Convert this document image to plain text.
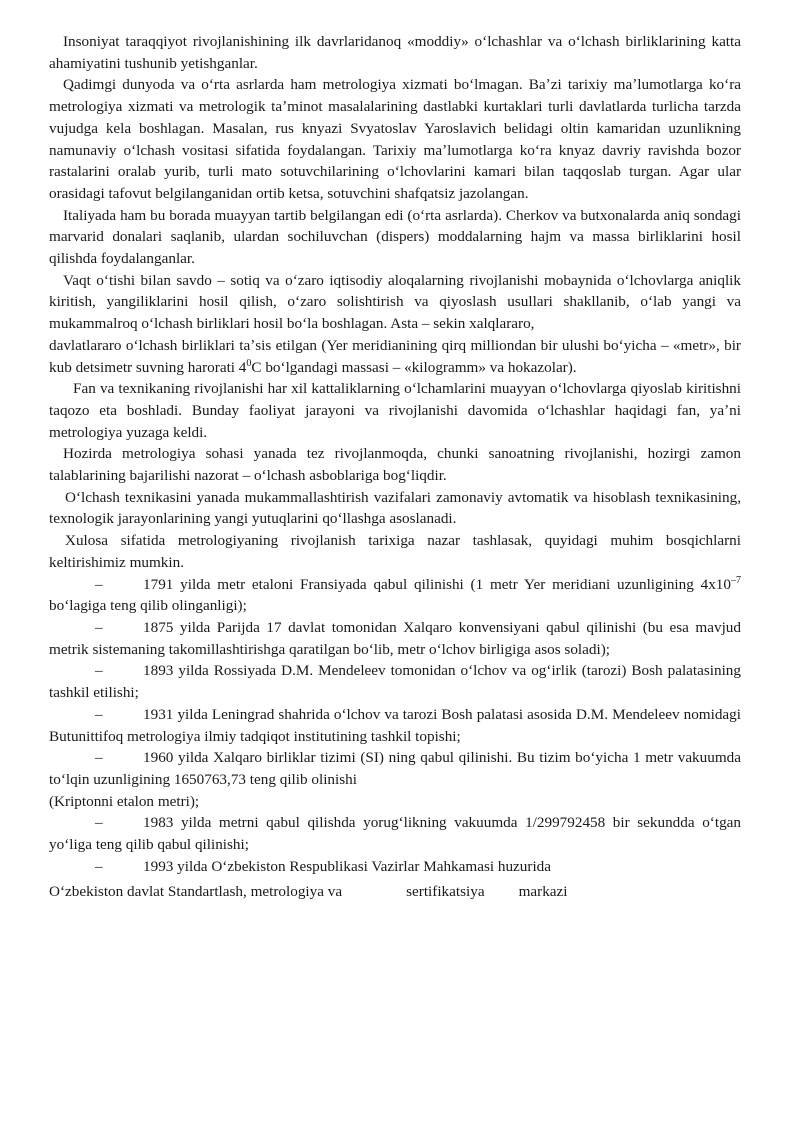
Insoniyat taraqqiyot rivojlanishining ilk davrlaridanoq «moddiy» oʻlchashlar va oʻlchash birliklarining katta ahamiyatini tushunib yetishganlar.

Qadimgi dunyoda va oʻrta asrlarda ham metrologiya xizmati boʻlmagan. Baʼzi tarixiy maʼlumotlarga koʻra metrologiya xizmati va metrologik taʼminot masalalarining dastlabki kurtaklari turli davlatlarda turlicha tarzda vujudga kela boshlagan. Masalan, rus knyazi Svyatoslav Yaroslavich belidagi oltin kamaridan uzunlikning namunaviy oʻlchash vositasi sifatida foydalangan. Tarixiy maʼlumotlarga koʻra knyaz davriy ravishda bozor rastalarini oralab yurib, turli mato sotuvchilarining oʻlchovlarini kamari bilan taqqoslab turgan. Agar ular orasidagi tafovut belgilanganidan ortib ketsa, sotuvchini shafqatsiz jazolangan.

Italiyada ham bu borada muayyan tartib belgilangan edi (oʻrta asrlarda). Cherkov va butxonalarda aniq sondagi marvarid donalari saqlanib, ulardan sochiluvchan (dispers) moddalarning hajm va massa birliklarini hosil qilishda foydalanganlar.

Vaqt oʻtishi bilan savdo – sotiq va oʻzaro iqtisodiy aloqalarning rivojlanishi mobaynida oʻlchovlarga aniqlik kiritish, yangiliklarini hosil qilish, oʻzaro solishtirish va qiyoslash usullari shakllanib, oʻlab yangi va mukammalroq oʻlchash birliklari hosil boʻla boshlagan. Asta – sekin xalqlararo,

davlatlararo oʻlchash birliklari taʼsis etilgan (Yer meridianining qirq milliondan bir ulushi boʻyicha – «metr», bir kub detsimetr suvning harorati $4^0C$ boʻlgandagi massasi – «kilogramm» va hokazolar).

Fan va texnikaning rivojlanishi har xil kattaliklarning oʻlchamlarini muayyan oʻlchovlarga qiyoslab kiritishni taqozo eta boshladi. Bunday faoliyat jarayoni va rivojlanishi davomida oʻlchashlar haqidagi fan, yaʼni metrologiya yuzaga keldi.

Hozirda metrologiya sohasi yanada tez rivojlanmoqda, chunki sanoatning rivojlanishi, hozirgi zamon talablarining bajarilishi nazorat – oʻlchash asboblariga bogʻliqdir.

Oʻlchash texnikasini yanada mukammallashtirish vazifalari zamonaviy avtomatik va hisoblash texnikasining, texnologik jarayonlarining yangi yutuqlarini qoʻllashga asoslanadi.

Xulosa sifatida metrologiyaning rivojlanish tarixiga nazar tashlasak, quyidagi muhim bosqichlarni keltirishimiz mumkin.

–	1791 yilda metr etaloni Fransiyada qabul qilinishi (1 metr Yer meridiani uzunligining $4x10^{-7}$ boʻlagiga teng qilib olinganligi);

–	1875 yilda Parijda 17 davlat tomonidan Xalqaro konvensiyani qabul qilinishi (bu esa mavjud metrik sistemaning takomillashtirishga qaratilgan boʻlib, metr oʻlchov birligiga asos soladi);

–	1893 yilda Rossiyada D.M. Mendeleev tomonidan oʻlchov va ogʻirlik (tarozi) Bosh palatasining tashkil etilishi;

–	1931 yilda Leningrad shahrida oʻlchov va tarozi Bosh palatasi asosida D.M. Mendeleev nomidagi Butunittifoq metrologiya ilmiy tadqiqot institutining tashkil topishi;

–	1960 yilda Xalqaro birliklar tizimi (SI) ning qabul qilinishi. Bu tizim boʻyicha 1 metr vakuumda toʻlqin uzunligining 1650763,73 teng qilib olinishi

(Kriptonni etalon metri);

–	1983 yilda metrni qabul qilishda yorugʻlikning vakuumda 1/299792458 bir sekundda oʻtgan yoʻliga teng qilib qabul qilinishi;

–	1993 yilda Oʻzbekiston Respublikasi Vazirlar Mahkamasi huzurida

Oʻzbekiston davlat Standartlash, metrologiya va	sertifikatsiya markazi
